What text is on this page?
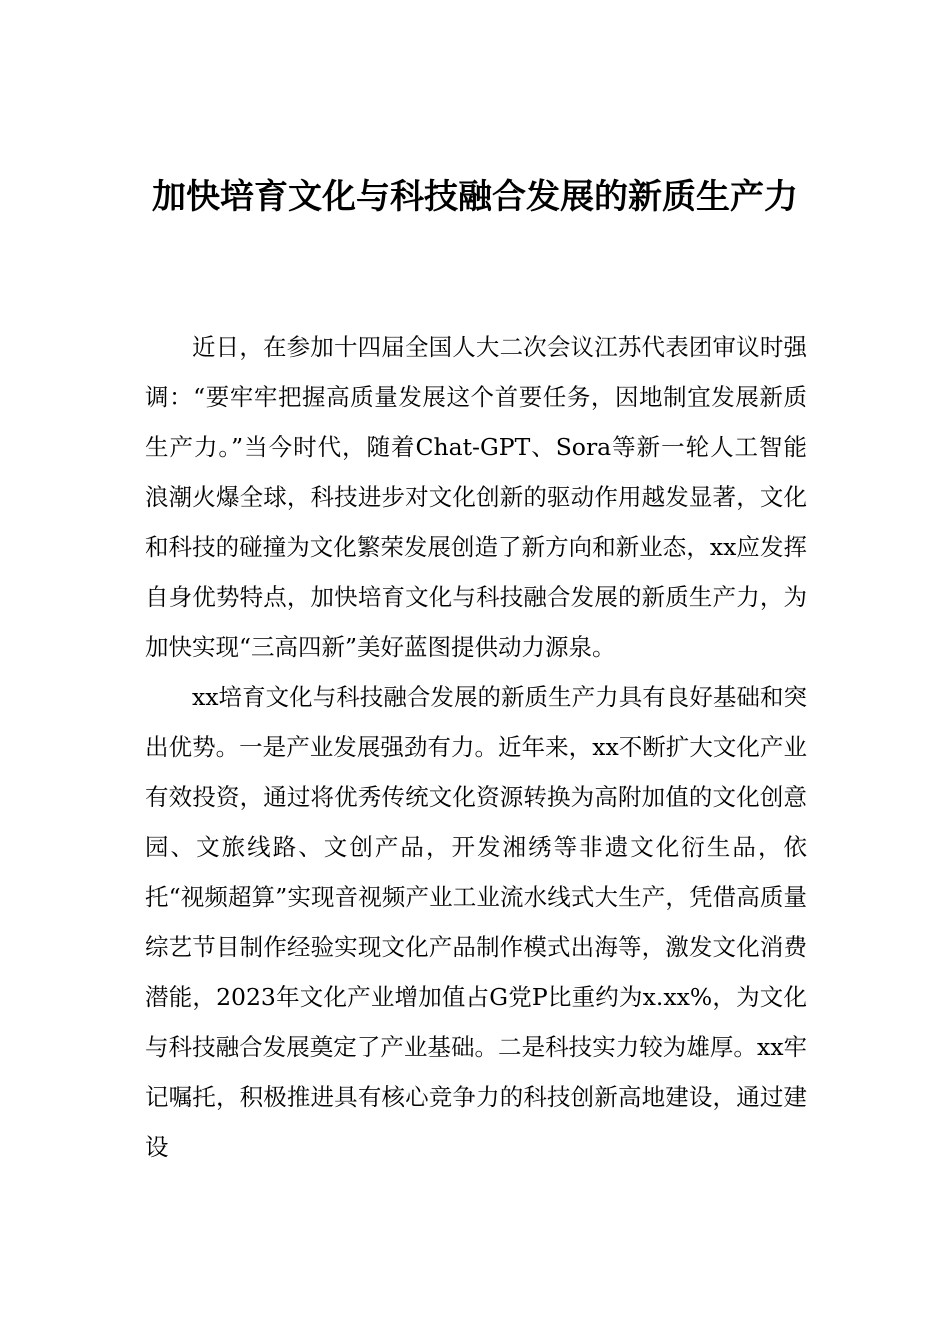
加快培育文化与科技融合发展的新质生产力

近日，在参加十四届全国人大二次会议江苏代表团审议时强调：“要牢牢把握高质量发展这个首要任务，因地制宜发展新质生产力。”当今时代，随着Chat-GPT、Sora等新一轮人工智能浪潮火爆全球，科技进步对文化创新的驱动作用越发显著，文化和科技的碰撞为文化繁荣发展创造了新方向和新业态，xx应发挥自身优势特点，加快培育文化与科技融合发展的新质生产力，为加快实现“三高四新”美好蓝图提供动力源泉。

xx培育文化与科技融合发展的新质生产力具有良好基础和突出优势。一是产业发展强劲有力。近年来，xx不断扩大文化产业有效投资，通过将优秀传统文化资源转换为高附加值的文化创意园、文旅线路、文创产品，开发湘绣等非遗文化衍生品，依托“视频超算”实现音视频产业工业流水线式大生产，凭借高质量综艺节目制作经验实现文化产品制作模式出海等，激发文化消费潜能，2023年文化产业增加值占G党P比重约为x.xx%，为文化与科技融合发展奠定了产业基础。二是科技实力较为雄厚。xx牢记嘱托，积极推进具有核心竞争力的科技创新高地建设，通过建设
